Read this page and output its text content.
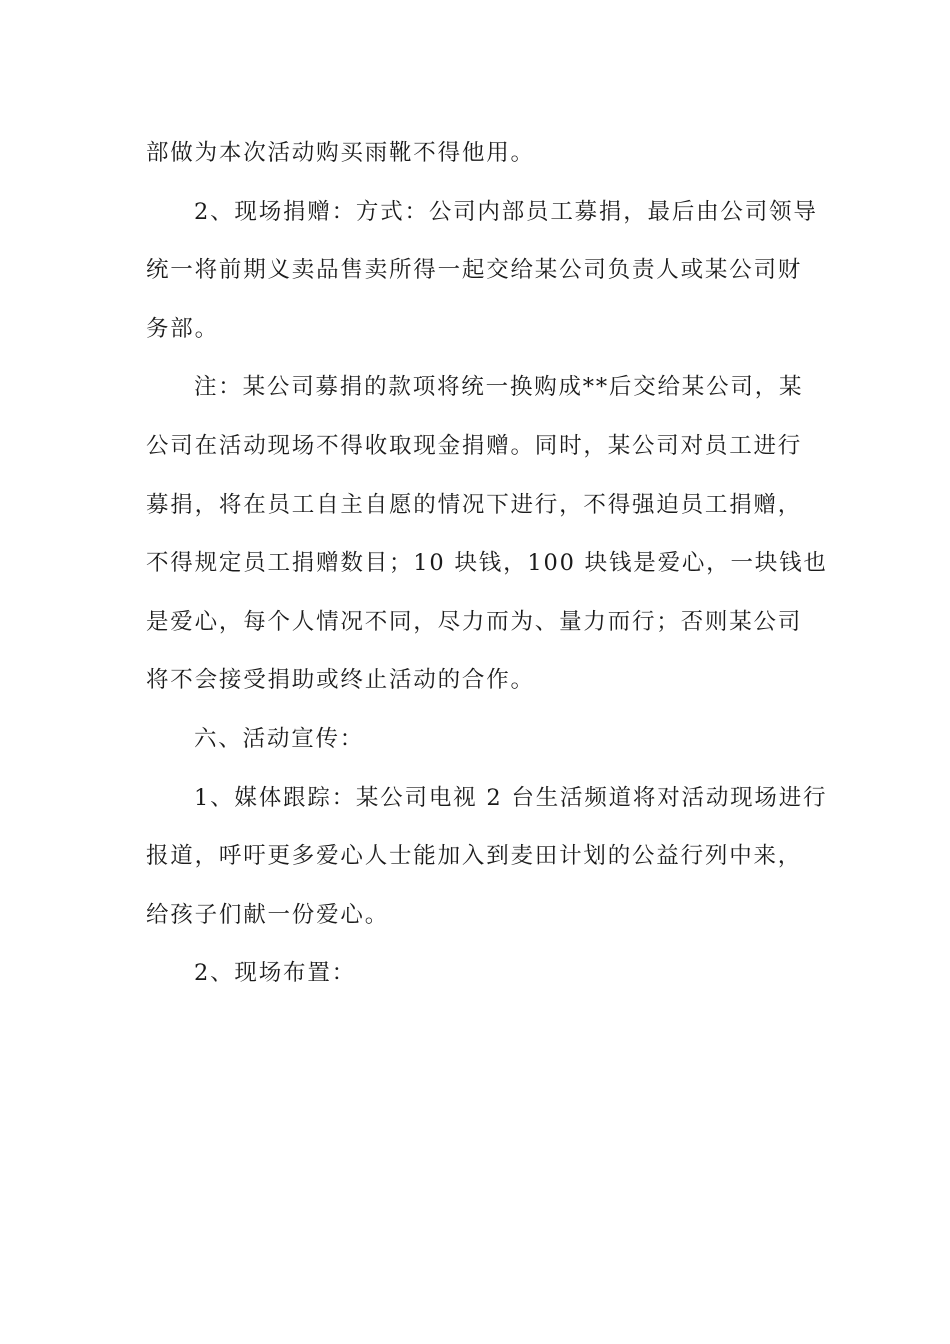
部做为本次活动购买雨靴不得他用。
2、现场捐赠：方式：公司内部员工募捐，最后由公司领导
统一将前期义卖品售卖所得一起交给某公司负责人或某公司财
务部。
注：某公司募捐的款项将统一换购成**后交给某公司，某
公司在活动现场不得收取现金捐赠。同时，某公司对员工进行
募捐，将在员工自主自愿的情况下进行，不得强迫员工捐赠，
不得规定员工捐赠数目；10 块钱，100 块钱是爱心，一块钱也
是爱心，每个人情况不同，尽力而为、量力而行；否则某公司
将不会接受捐助或终止活动的合作。
六、活动宣传：
1、媒体跟踪：某公司电视 2 台生活频道将对活动现场进行
报道，呼吁更多爱心人士能加入到麦田计划的公益行列中来，
给孩子们献一份爱心。
2、现场布置：
